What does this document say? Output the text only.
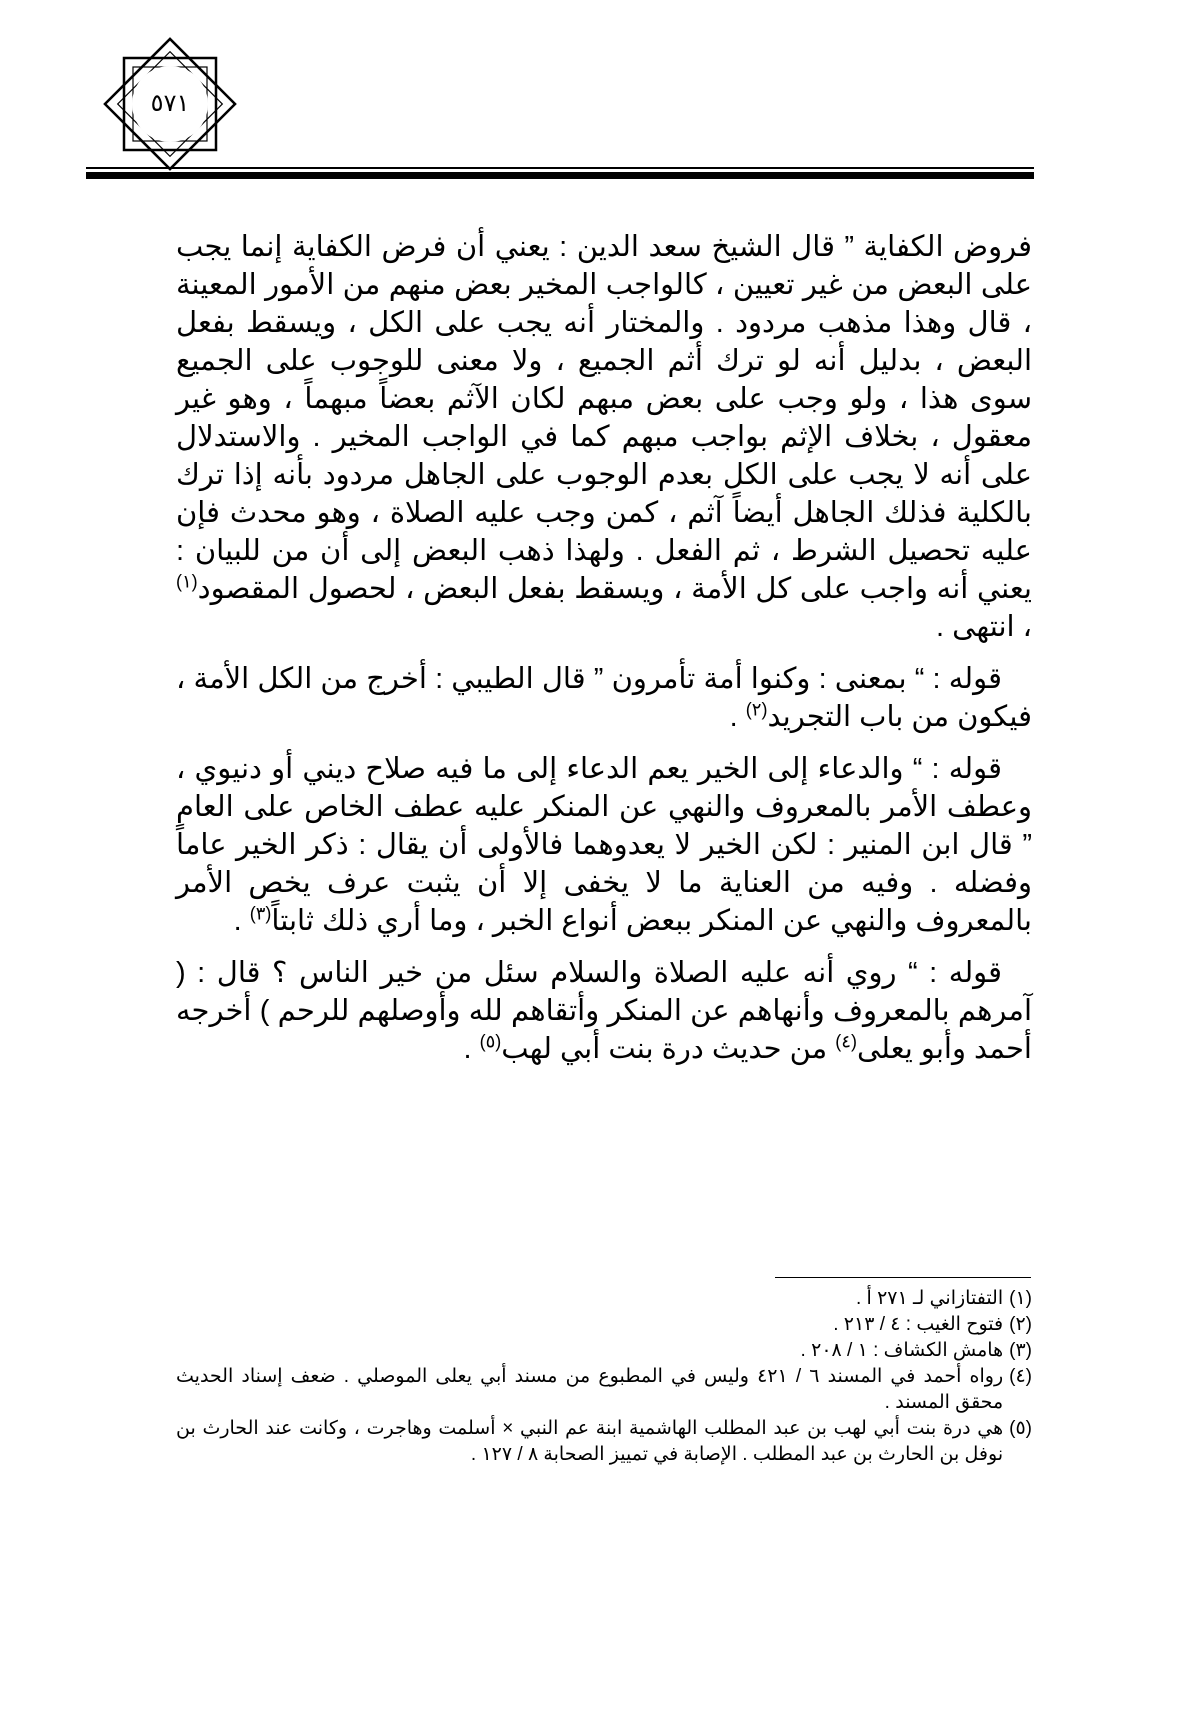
٥٧١

فروض الكفاية ” قال الشيخ سعد الدين : يعني أن فرض الكفاية إنما يجب على البعض من غير تعيين ، كالواجب المخير بعض منهم من الأمور المعينة ، قال وهذا مذهب مردود . والمختار أنه يجب على الكل ، ويسقط بفعل البعض ، بدليل أنه لو ترك أثم الجميع ، ولا معنى للوجوب على الجميع سوى هذا ، ولو وجب على بعض مبهم لكان الآثم بعضاً مبهماً ، وهو غير معقول ، بخلاف الإثم بواجب مبهم كما في الواجب المخير . والاستدلال على أنه لا يجب على الكل بعدم الوجوب على الجاهل مردود بأنه إذا ترك بالكلية فذلك الجاهل أيضاً آثم ، كمن وجب عليه الصلاة ، وهو محدث فإن عليه تحصيل الشرط ، ثم الفعل . ولهذا ذهب البعض إلى أن من للبيان : يعني أنه واجب على كل الأمة ، ويسقط بفعل البعض ، لحصول المقصود$^{(١)}$ ، انتهى .

قوله : “ بمعنى : وكنوا أمة تأمرون ” قال الطيبي : أخرج من الكل الأمة ، فيكون من باب التجريد$^{(٢)}$ .

قوله : “ والدعاء إلى الخير يعم الدعاء إلى ما فيه صلاح ديني أو دنيوي ، وعطف الأمر بالمعروف والنهي عن المنكر عليه عطف الخاص على العام ” قال ابن المنير : لكن الخير لا يعدوهما فالأولى أن يقال : ذكر الخير عاماً وفضله . وفيه من العناية ما لا يخفى إلا أن يثبت عرف يخص الأمر بالمعروف والنهي عن المنكر ببعض أنواع الخبر ، وما أري ذلك ثابتاً$^{(٣)}$ .

قوله : “ روي أنه عليه الصلاة والسلام سئل من خير الناس ؟ قال : ( آمرهم بالمعروف وأنهاهم عن المنكر وأتقاهم لله وأوصلهم للرحم ) أخرجه أحمد وأبو يعلى$^{(٤)}$ من حديث درة بنت أبي لهب$^{(٥)}$ .

(١)
التفتازاني لـ ٢٧١ أ .
(٢)
فتوح الغيب : ٤ / ٢١٣ .
(٣)
هامش الكشاف : ١ / ٢٠٨ .
(٤)
رواه أحمد في المسند ٦ / ٤٢١ وليس في المطبوع من مسند أبي يعلى الموصلي . ضعف إسناد الحديث محقق المسند .
(٥)
هي درة بنت أبي لهب بن عبد المطلب الهاشمية ابنة عم النبي × أسلمت وهاجرت ، وكانت عند الحارث بن نوفل بن الحارث بن عبد المطلب . الإصابة في تمييز الصحابة ٨ / ١٢٧ .
